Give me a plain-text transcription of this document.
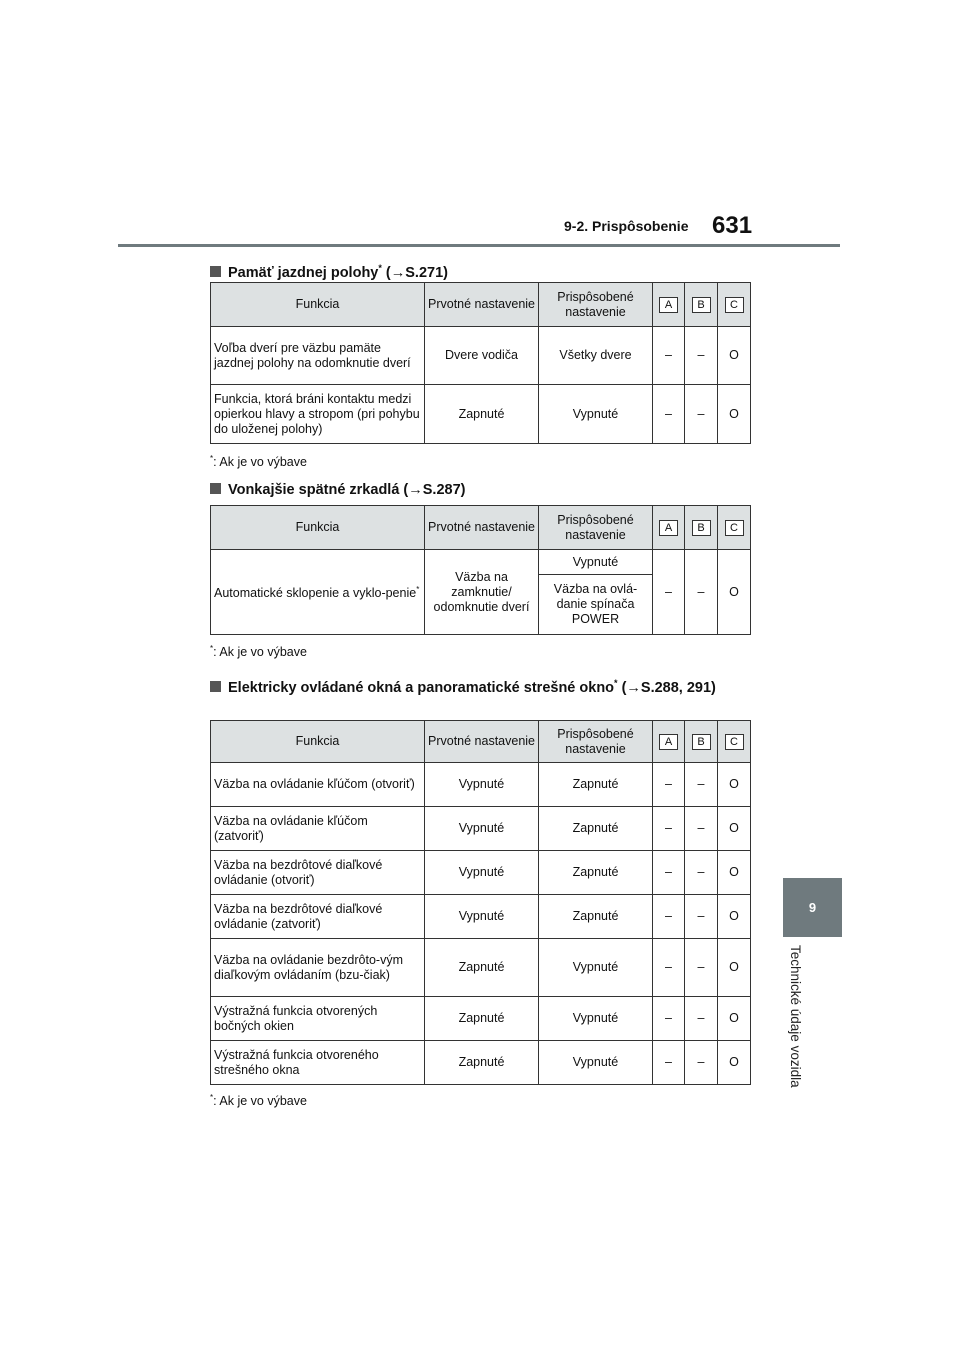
9-2. Prispôsobenie 631
9
Technické údaje vozidla
Pamäť jazdnej polohy* (→S.271)
Funkcia	Prvotné nastavenie	Prispôsobené nastavenie	A	B	C
Voľba dverí pre väzbu pamäte jazdnej polohy na odomknutie dverí	Dvere vodiča	Všetky dvere	–	–	O
Funkcia, ktorá bráni kontaktu medzi opierkou hlavy a stropom (pri pohybu do uloženej polohy)	Zapnuté	Vypnuté	–	–	O
*: Ak je vo výbave
Vonkajšie spätné zrkadlá (→S.287)
Funkcia	Prvotné nastavenie	Prispôsobené nastavenie	A	B	C
Automatické sklopenie a vyklo-penie*	Väzba na zamknutie/ odomknutie dverí	Vypnuté	–	–	O
		Väzba na ovlá-danie spínača POWER			
*: Ak je vo výbave
Elektricky ovládané okná a panoramatické strešné okno* (→S.288, 291)
Funkcia	Prvotné nastavenie	Prispôsobené nastavenie	A	B	C
Väzba na ovládanie kľúčom (otvoriť)	Vypnuté	Zapnuté	–	–	O
Väzba na ovládanie kľúčom (zatvoriť)	Vypnuté	Zapnuté	–	–	O
Väzba na bezdrôtové diaľkové ovládanie (otvoriť)	Vypnuté	Zapnuté	–	–	O
Väzba na bezdrôtové diaľkové ovládanie (zatvoriť)	Vypnuté	Zapnuté	–	–	O
Väzba na ovládanie bezdrôto-vým diaľkovým ovládaním (bzu-čiak)	Zapnuté	Vypnuté	–	–	O
Výstražná funkcia otvorených bočných okien	Zapnuté	Vypnuté	–	–	O
Výstražná funkcia otvoreného strešného okna	Zapnuté	Vypnuté	–	–	O
*: Ak je vo výbave
